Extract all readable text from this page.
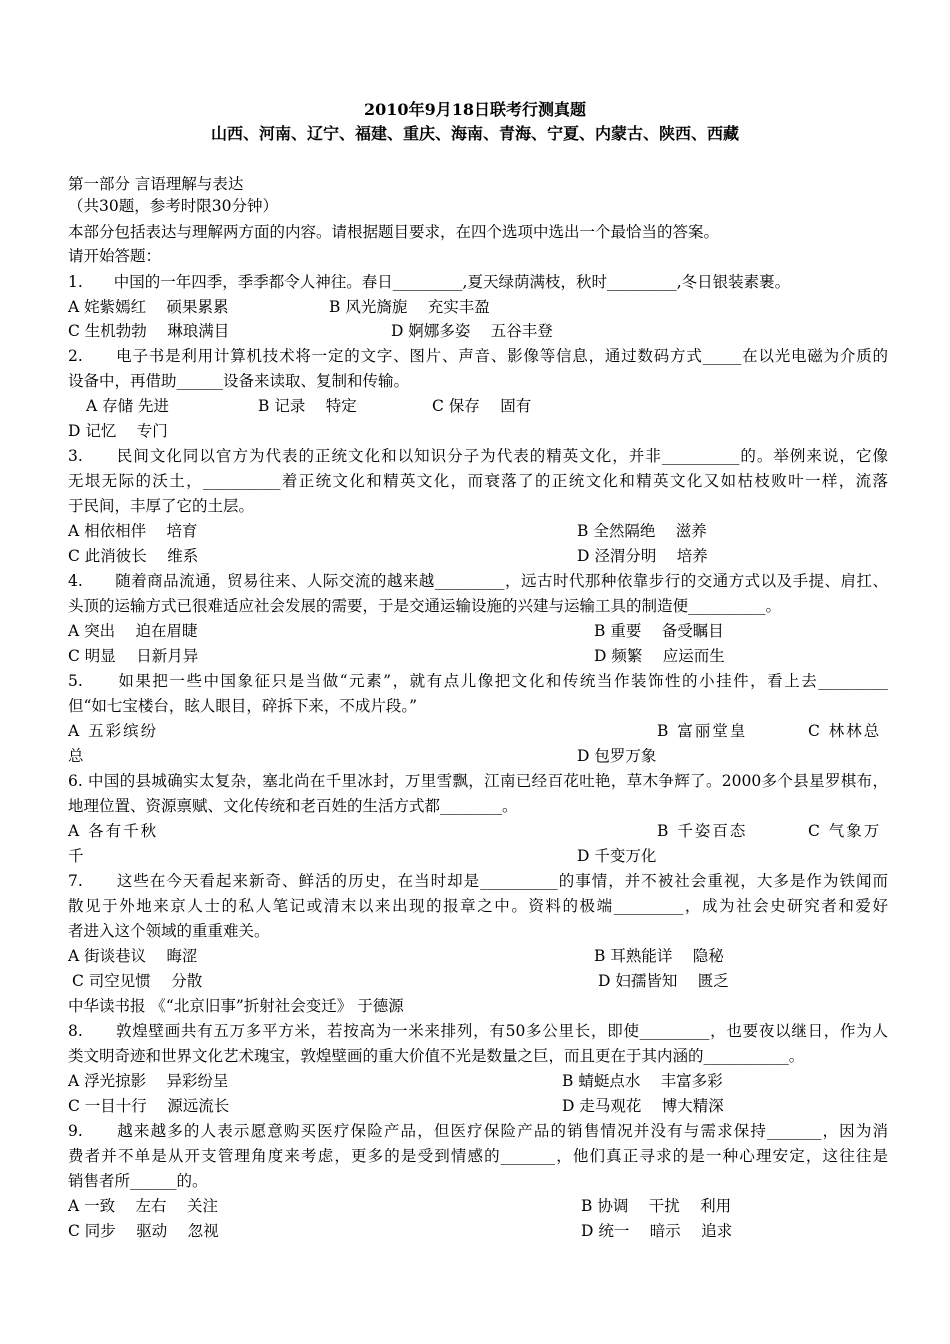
2010年9月18日联考行测真题
山西、河南、辽宁、福建、重庆、海南、青海、宁夏、内蒙古、陕西、西藏
第一部分 言语理解与表达
（共30题，参考时限30分钟）
本部分包括表达与理解两方面的内容。请根据题目要求，在四个选项中选出一个最恰当的答案。
请开始答题：
1.　　中国的一年四季，季季都令人神往。春日_________,夏天绿荫满枝，秋时_________,冬日银装素裹。
A 姹紫嫣红　 硕果累累	B 风光旖旎　 充实丰盈
C 生机勃勃　 琳琅满目	D 婀娜多姿　 五谷丰登
2.　　电子书是利用计算机技术将一定的文字、图片、声音、影像等信息，通过数码方式_____在以光电磁为介质的
设备中，再借助______设备来读取、复制和传输。
A 存储 先进	B 记录　 特定	C 保存　 固有
D 记忆　 专门
3.　　民间文化同以官方为代表的正统文化和以知识分子为代表的精英文化，并非__________的。举例来说，它像
无垠无际的沃土，__________着正统文化和精英文化，而衰落了的正统文化和精英文化又如枯枝败叶一样，流落
于民间，丰厚了它的土层。
A 相依相伴　 培育	B 全然隔绝　 滋养
C 此消彼长　 维系	D 泾渭分明　 培养
4.　　随着商品流通，贸易往来、人际交流的越来越_________，远古时代那种依靠步行的交通方式以及手提、肩扛、
头顶的运输方式已很难适应社会发展的需要，于是交通运输设施的兴建与运输工具的制造便__________。
A 突出　 迫在眉睫	B 重要　 备受瞩目
C 明显　 日新月异	D 频繁　 应运而生
5.　　如果把一些中国象征只是当做“元素”，就有点儿像把文化和传统当作装饰性的小挂件，看上去_________
但“如七宝楼台，眩人眼目，碎拆下来，不成片段。”
A 五彩缤纷	B 富丽堂皇	C 林林总
总	D 包罗万象
6. 中国的县城确实太复杂，塞北尚在千里冰封，万里雪飘，江南已经百花吐艳，草木争辉了。2000多个县星罗棋布，
地理位置、资源禀赋、文化传统和老百姓的生活方式都________。
A 各有千秋	B 千姿百态	C 气象万
千	D 千变万化
7.　　这些在今天看起来新奇、鲜活的历史，在当时却是__________的事情，并不被社会重视，大多是作为铁闻而
散见于外地来京人士的私人笔记或清末以来出现的报章之中。资料的极端_________，成为社会史研究者和爱好
者进入这个领域的重重难关。
A 街谈巷议　 晦涩	B 耳熟能详　 隐秘
C 司空见惯　 分散	D 妇孺皆知　 匮乏
中华读书报 《“北京旧事”折射社会变迁》 于德源
8.　　敦煌壁画共有五万多平方米，若按高为一米来排列，有50多公里长，即使_________，也要夜以继日，作为人
类文明奇迹和世界文化艺术瑰宝，敦煌壁画的重大价值不光是数量之巨，而且更在于其内涵的___________。
A 浮光掠影　 异彩纷呈	B 蜻蜓点水　 丰富多彩
C 一目十行　 源远流长	D 走马观花　 博大精深
9.　　越来越多的人表示愿意购买医疗保险产品，但医疗保险产品的销售情况并没有与需求保持_______，因为消
费者并不单是从开支管理角度来考虑，更多的是受到情感的_______，他们真正寻求的是一种心理安定，这往往是
销售者所______的。
A 一致　 左右　 关注	B 协调　 干扰　 利用
C 同步　 驱动　 忽视	D 统一　 暗示　 追求
